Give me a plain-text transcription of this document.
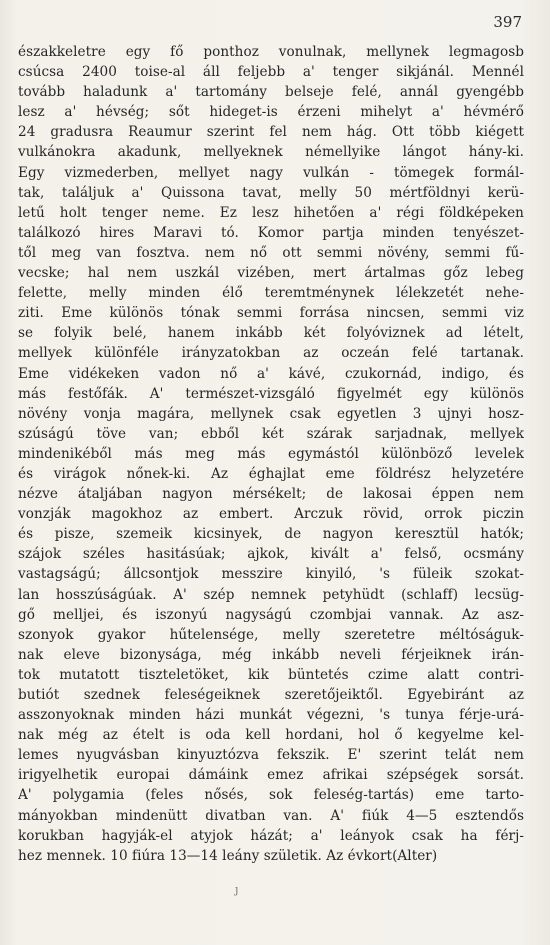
397
északkeletre egy fő ponthoz vonulnak, mellynek legmagosb
csúcsa 2400 toise-al áll feljebb a' tenger sikjánál. Mennél
tovább haladunk a' tartomány belseje felé, annál gyengébb
lesz a' hévség; sőt hideget-is érzeni mihelyt a' hévmérő
24 gradusra Reaumur szerint fel nem hág. Ott több kiégett
vulkánokra akadunk, mellyeknek némellyike lángot hány-ki.
Egy vizmederben, mellyet nagy vulkán - tömegek formál-
tak, találjuk a' Quissona tavat, melly 50 mértföldnyi kerü-
letű holt tenger neme. Ez lesz hihetően a' régi földképeken
találkozó hires Maravi tó. Komor partja minden tenyészet-
től meg van fosztva. nem nő ott semmi növény, semmi fű-
vecske; hal nem uszkál vizében, mert ártalmas gőz lebeg
felette, melly minden élő teremtménynek lélekzetét nehe-
ziti. Eme különös tónak semmi forrása nincsen, semmi viz
se folyik belé, hanem inkább két folyóviznek ad lételt,
mellyek különféle irányzatokban az oczeán felé tartanak.
Eme vidékeken vadon nő a' kávé, czukornád, indigo, és
más festőfák. A' természet-vizsgáló figyelmét egy különös
növény vonja magára, mellynek csak egyetlen 3 ujnyi hosz-
szúságú töve van; ebből két szárak sarjadnak, mellyek
mindenikéből más meg más egymástól különböző levelek
és virágok nőnek-ki. Az éghajlat eme földrész helyzetére
nézve átaljában nagyon mérsékelt; de lakosai éppen nem
vonzják magokhoz az embert. Arczuk rövid, orrok piczin
és pisze, szemeik kicsinyek, de nagyon keresztül hatók;
szájok széles hasitásúak; ajkok, kivált a' felső, ocsmány
vastagságú; állcsontjok messzire kinyiló, 's füleik szokat-
lan hosszúságúak. A' szép nemnek petyhüdt (schlaff) lecsüg-
gő melljei, és iszonyú nagyságú czombjai vannak. Az asz-
szonyok gyakor hűtelensége, melly szeretetre méltóságuk-
nak eleve bizonysága, még inkább neveli férjeiknek irán-
tok mutatott tiszteletöket, kik büntetés czime alatt contri-
butiót szednek feleségeiknek szeretőjeiktől. Egyebiránt az
asszonyoknak minden házi munkát végezni, 's tunya férje-urá-
nak még az ételt is oda kell hordani, hol ő kegyelme kel-
lemes nyugvásban kinyuztózva fekszik. E' szerint telát nem
irigyelhetik europai dámáink emez afrikai szépségek sorsát.
A' polygamia (feles nősés, sok feleség-tartás) eme tarto-
mányokban mindenütt divatban van. A' fiúk 4—5 esztendős
korukban hagyják-el atyjok házát; a' leányok csak ha férj-
hez mennek. 10 fiúra 13—14 leány születik. Az évkort(Alter)
ȷ
